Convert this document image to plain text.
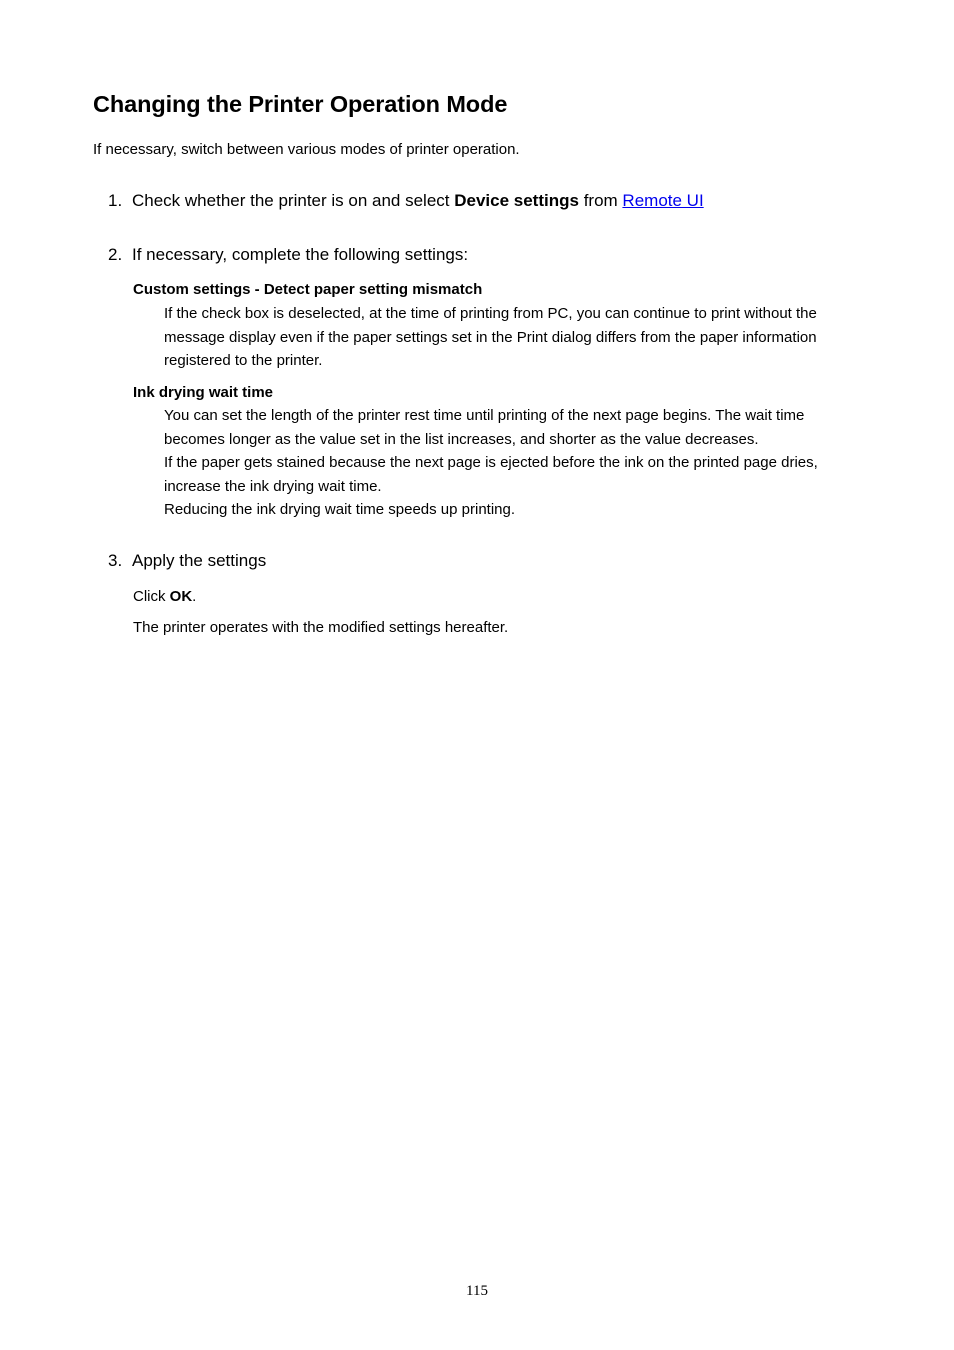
Changing the Printer Operation Mode

If necessary, switch between various modes of printer operation.

1. Check whether the printer is on and select Device settings from Remote UI
2. If necessary, complete the following settings:
Custom settings - Detect paper setting mismatch
If the check box is deselected, at the time of printing from PC, you can continue to print without the
message display even if the paper settings set in the Print dialog differs from the paper information
registered to the printer.
Ink drying wait time
You can set the length of the printer rest time until printing of the next page begins. The wait time
becomes longer as the value set in the list increases, and shorter as the value decreases.
If the paper gets stained because the next page is ejected before the ink on the printed page dries,
increase the ink drying wait time.
Reducing the ink drying wait time speeds up printing.
3. Apply the settings

Click OK.

The printer operates with the modified settings hereafter.

115
